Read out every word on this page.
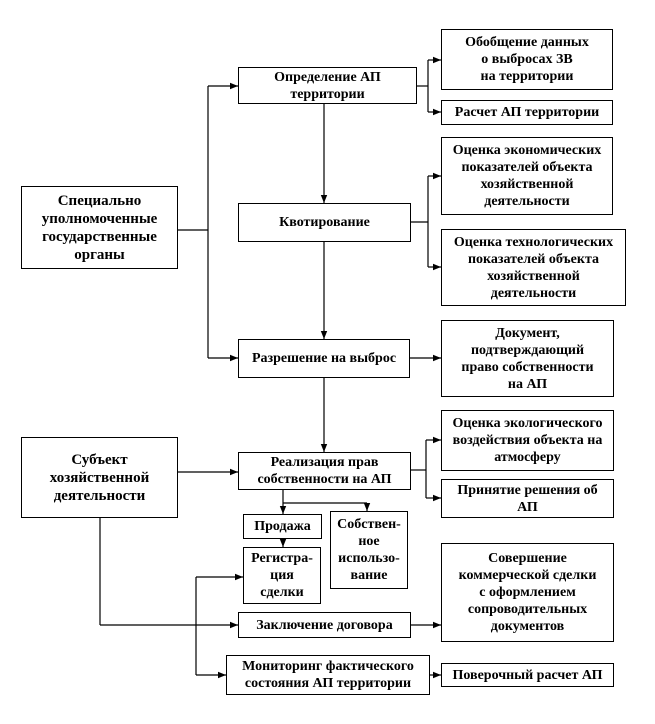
Специально
уполномоченные
государственные
органы
Субъект
хозяйственной
деятельности
Определение АП
территории
Квотирование
Разрешение на выброс
Реализация прав
собственности на АП
Продажа	Собствен-
ное
использо-
вание
Регистра-
ция
сделки
Заключение договора
Мониторинг фактического
состояния АП территории
Обобщение данных
о выбросах ЗВ
на территории
Расчет АП территории
Оценка экономических
показателей объекта
хозяйственной
деятельности
Оценка технологических
показателей объекта
хозяйственной
деятельности
Документ,
подтверждающий
право собственности
на АП
Оценка экологического
воздействия объекта на
атмосферу
Принятие решения об
АП
Совершение
коммерческой сделки
с оформлением
сопроводительных
документов
Поверочный расчет АП
